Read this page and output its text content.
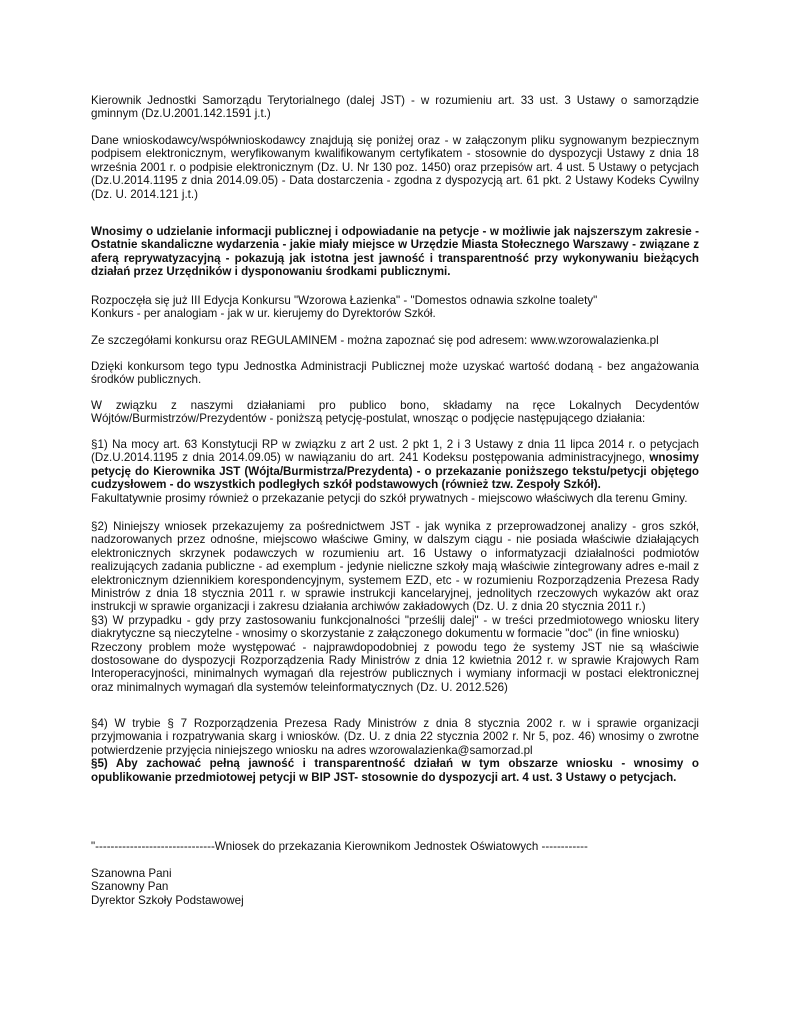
Kierownik Jednostki Samorządu Terytorialnego (dalej JST) - w rozumieniu art. 33 ust. 3 Ustawy o samorządzie gminnym (Dz.U.2001.142.1591 j.t.)

Dane wnioskodawcy/współwnioskodawcy znajdują się poniżej oraz - w załączonym pliku sygnowanym bezpiecznym podpisem elektronicznym, weryfikowanym kwalifikowanym certyfikatem - stosownie do dyspozycji Ustawy z dnia 18 września 2001 r. o podpisie elektronicznym (Dz. U. Nr 130 poz. 1450) oraz przepisów art. 4 ust. 5 Ustawy o petycjach (Dz.U.2014.1195 z dnia 2014.09.05) - Data dostarczenia - zgodna z dyspozycją art. 61 pkt. 2 Ustawy Kodeks Cywilny (Dz. U. 2014.121 j.t.)

Wnosimy o udzielanie informacji publicznej i odpowiadanie na petycje - w możliwie jak najszerszym zakresie - Ostatnie skandaliczne wydarzenia - jakie miały miejsce w Urzędzie Miasta Stołecznego Warszawy - związane z aferą reprywatyzacyjną - pokazują jak istotna jest jawność i transparentność przy wykonywaniu bieżących działań przez Urzędników i dysponowaniu środkami publicznymi.

Rozpoczęła się już III Edycja Konkursu "Wzorowa Łazienka" - "Domestos odnawia szkolne toalety"
Konkurs - per analogiam - jak w ur. kierujemy do Dyrektorów Szkół.

Ze szczegółami konkursu oraz REGULAMINEM - można zapoznać się pod adresem: www.wzorowalazienka.pl

Dzięki konkursom tego typu Jednostka Administracji Publicznej może uzyskać wartość dodaną - bez angażowania środków publicznych.

W związku z naszymi działaniami pro publico bono, składamy na ręce Lokalnych Decydentów Wójtów/Burmistrzów/Prezydentów - poniższą petycję-postulat, wnosząc o podjęcie następującego działania:

§1) Na mocy art. 63 Konstytucji RP w związku z art 2 ust. 2 pkt 1, 2 i 3 Ustawy z dnia 11 lipca 2014 r. o petycjach (Dz.U.2014.1195 z dnia 2014.09.05) w nawiązaniu do art. 241 Kodeksu postępowania administracyjnego, wnosimy petycję do Kierownika JST (Wójta/Burmistrza/Prezydenta) - o przekazanie poniższego tekstu/petycji objętego cudzysłowem - do wszystkich podległych szkół podstawowych (również tzw. Zespoły Szkół).

Fakultatywnie prosimy również o przekazanie petycji do szkół prywatnych - miejscowo właściwych dla terenu Gminy.

§2) Niniejszy wniosek przekazujemy za pośrednictwem JST - jak wynika z przeprowadzonej analizy - gros szkół, nadzorowanych przez odnośne, miejscowo właściwe Gminy, w dalszym ciągu - nie posiada właściwie działających elektronicznych skrzynek podawczych w rozumieniu art. 16 Ustawy o informatyzacji działalności podmiotów realizujących zadania publiczne - ad exemplum - jedynie nieliczne szkoły mają właściwie zintegrowany adres e-mail z elektronicznym dziennikiem korespondencyjnym, systemem EZD, etc - w rozumieniu Rozporządzenia Prezesa Rady Ministrów z dnia 18 stycznia 2011 r. w sprawie instrukcji kancelaryjnej, jednolitych rzeczowych wykazów akt oraz instrukcji w sprawie organizacji i zakresu działania archiwów zakładowych (Dz. U. z dnia 20 stycznia 2011 r.)

§3) W przypadku - gdy przy zastosowaniu funkcjonalności "prześlij dalej" - w treści przedmiotowego wniosku litery diakrytyczne są nieczytelne - wnosimy o skorzystanie z załączonego dokumentu w formacie "doc" (in fine wniosku)

Rzeczony problem może występować - najprawdopodobniej z powodu tego że systemy JST nie są właściwie dostosowane do dyspozycji Rozporządzenia Rady Ministrów z dnia 12 kwietnia 2012 r. w sprawie Krajowych Ram Interoperacyjności, minimalnych wymagań dla rejestrów publicznych i wymiany informacji w postaci elektronicznej oraz minimalnych wymagań dla systemów teleinformatycznych (Dz. U. 2012.526)

§4) W trybie § 7 Rozporządzenia Prezesa Rady Ministrów z dnia 8 stycznia 2002 r. w i sprawie organizacji przyjmowania i rozpatrywania skarg i wniosków. (Dz. U. z dnia 22 stycznia 2002 r. Nr 5, poz. 46) wnosimy o zwrotne potwierdzenie przyjęcia niniejszego wniosku na adres wzorowalazienka@samorzad.pl

§5) Aby zachować pełną jawność i transparentność działań w tym obszarze wniosku - wnosimy o opublikowanie przedmiotowej petycji w BIP JST- stosownie do dyspozycji art. 4 ust. 3 Ustawy o petycjach.

"-------------------------------Wniosek do przekazania Kierownikom Jednostek Oświatowych ------------
Szanowna Pani
Szanowny Pan
Dyrektor Szkoły Podstawowej
